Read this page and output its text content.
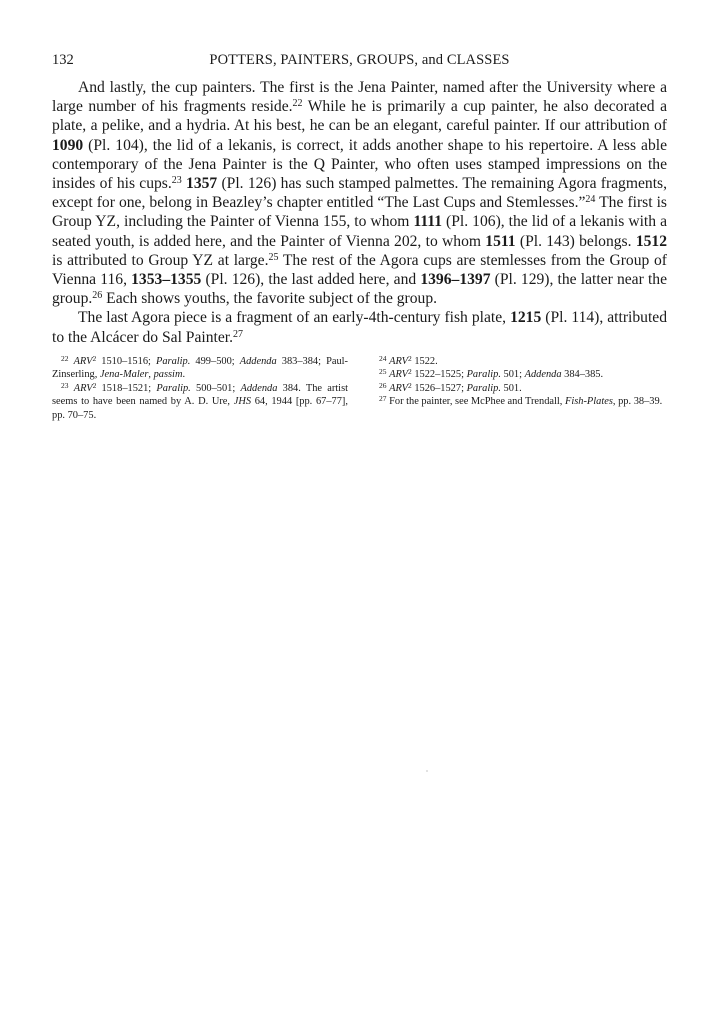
132	POTTERS, PAINTERS, GROUPS, and CLASSES

And lastly, the cup painters. The first is the Jena Painter, named after the University where a large number of his fragments reside.$^{22}$ While he is primarily a cup painter, he also decorated a plate, a pelike, and a hydria. At his best, he can be an elegant, careful painter. If our attribution of 1090 (Pl. 104), the lid of a lekanis, is correct, it adds another shape to his repertoire. A less able contemporary of the Jena Painter is the Q Painter, who often uses stamped impressions on the insides of his cups.$^{23}$ 1357 (Pl. 126) has such stamped palmettes. The remaining Agora fragments, except for one, belong in Beazley’s chapter entitled “The Last Cups and Stemlesses.”$^{24}$ The first is Group YZ, including the Painter of Vienna 155, to whom 1111 (Pl. 106), the lid of a lekanis with a seated youth, is added here, and the Painter of Vienna 202, to whom 1511 (Pl. 143) belongs. 1512 is attributed to Group YZ at large.$^{25}$ The rest of the Agora cups are stemlesses from the Group of Vienna 116, 1353–1355 (Pl. 126), the last added here, and 1396–1397 (Pl. 129), the latter near the group.$^{26}$ Each shows youths, the favorite subject of the group.

The last Agora piece is a fragment of an early-4th-century fish plate, 1215 (Pl. 114), attributed to the Alcácer do Sal Painter.$^{27}$

$^{22}$ ARV$^2$ 1510–1516; Paralip. 499–500; Addenda 383–384; Paul-Zinserling, Jena-Maler, passim.

$^{23}$ ARV$^2$ 1518–1521; Paralip. 500–501; Addenda 384. The artist seems to have been named by A. D. Ure, JHS 64, 1944 [pp. 67–77], pp. 70–75.

$^{24}$ ARV$^2$ 1522.

$^{25}$ ARV$^2$ 1522–1525; Paralip. 501; Addenda 384–385.

$^{26}$ ARV$^2$ 1526–1527; Paralip. 501.

$^{27}$ For the painter, see McPhee and Trendall, Fish-Plates, pp. 38–39.
